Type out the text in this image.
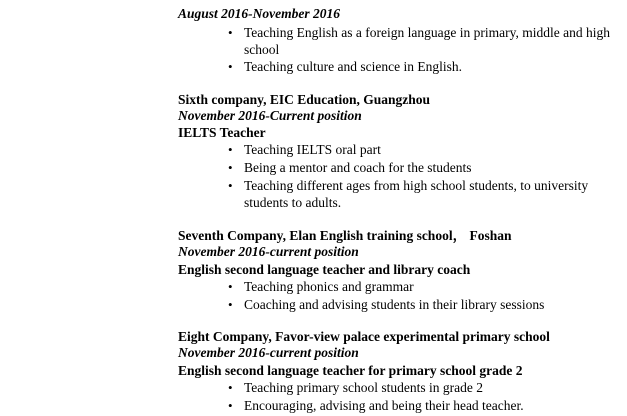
August 2016-November 2016
• Teaching English as a foreign language in primary, middle and high school
• Teaching culture and science in English.
Sixth company, EIC Education, Guangzhou
November 2016-Current position
IELTS Teacher
• Teaching IELTS oral part
• Being a mentor and coach for the students
• Teaching different ages from high school students, to university students to adults.
Seventh Company, Elan English training school， Foshan
November 2016-current position
English second language teacher and library coach
• Teaching phonics and grammar
• Coaching and advising students in their library sessions
Eight Company, Favor-view palace experimental primary school
November 2016-current position
English second language teacher for primary school grade 2
• Teaching primary school students in grade 2
• Encouraging, advising and being their head teacher.
